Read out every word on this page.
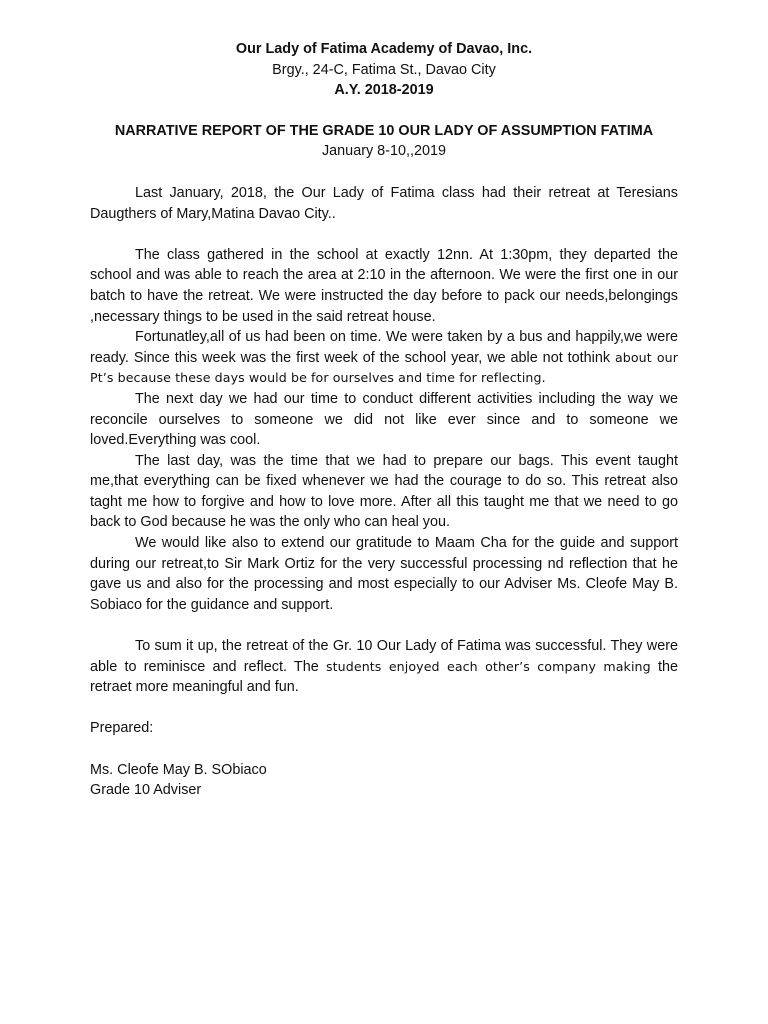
Our Lady of Fatima Academy of Davao, Inc.
Brgy., 24-C, Fatima St., Davao City
A.Y. 2018-2019
NARRATIVE REPORT OF THE GRADE 10 OUR LADY OF ASSUMPTION FATIMA
January 8-10,,2019

Last January, 2018, the Our Lady of Fatima class had their retreat at Teresians Daugthers of Mary,Matina Davao City..

The class gathered in the school at exactly 12nn. At 1:30pm, they departed the school and was able to reach the area at 2:10 in the afternoon. We were the first one in our batch to have the retreat. We were instructed the day before to pack our needs,belongings ,necessary things to be used in the said retreat house.

Fortunatley,all of us had been on time. We were taken by a bus and happily,we were ready. Since this week was the first week of the school year, we able not tothink about our Pt’s because these days would be for ourselves and time for reflecting.

The next day we had our time to conduct different activities including the way we reconcile ourselves to someone we did not like ever since and to someone we loved.Everything was cool.

The last day, was the time that we had to prepare our bags. This event taught me,that everything can be fixed whenever we had the courage to do so. This retreat also taght me how to forgive and how to love more. After all this taught me that we need to go back to God because he was the only who can heal you.

We would like also to extend our gratitude to Maam Cha for the guide and support during our retreat,to Sir Mark Ortiz for the very successful processing nd reflection that he gave us and also for the processing and most especially to our Adviser Ms. Cleofe May B. Sobiaco for the guidance and support.

To sum it up, the retreat of the Gr. 10 Our Lady of Fatima was successful. They were able to reminisce and reflect. The students enjoyed each other’s company making the retraet more meaningful and fun.

Prepared:

Ms. Cleofe May B. SObiaco

Grade 10 Adviser
